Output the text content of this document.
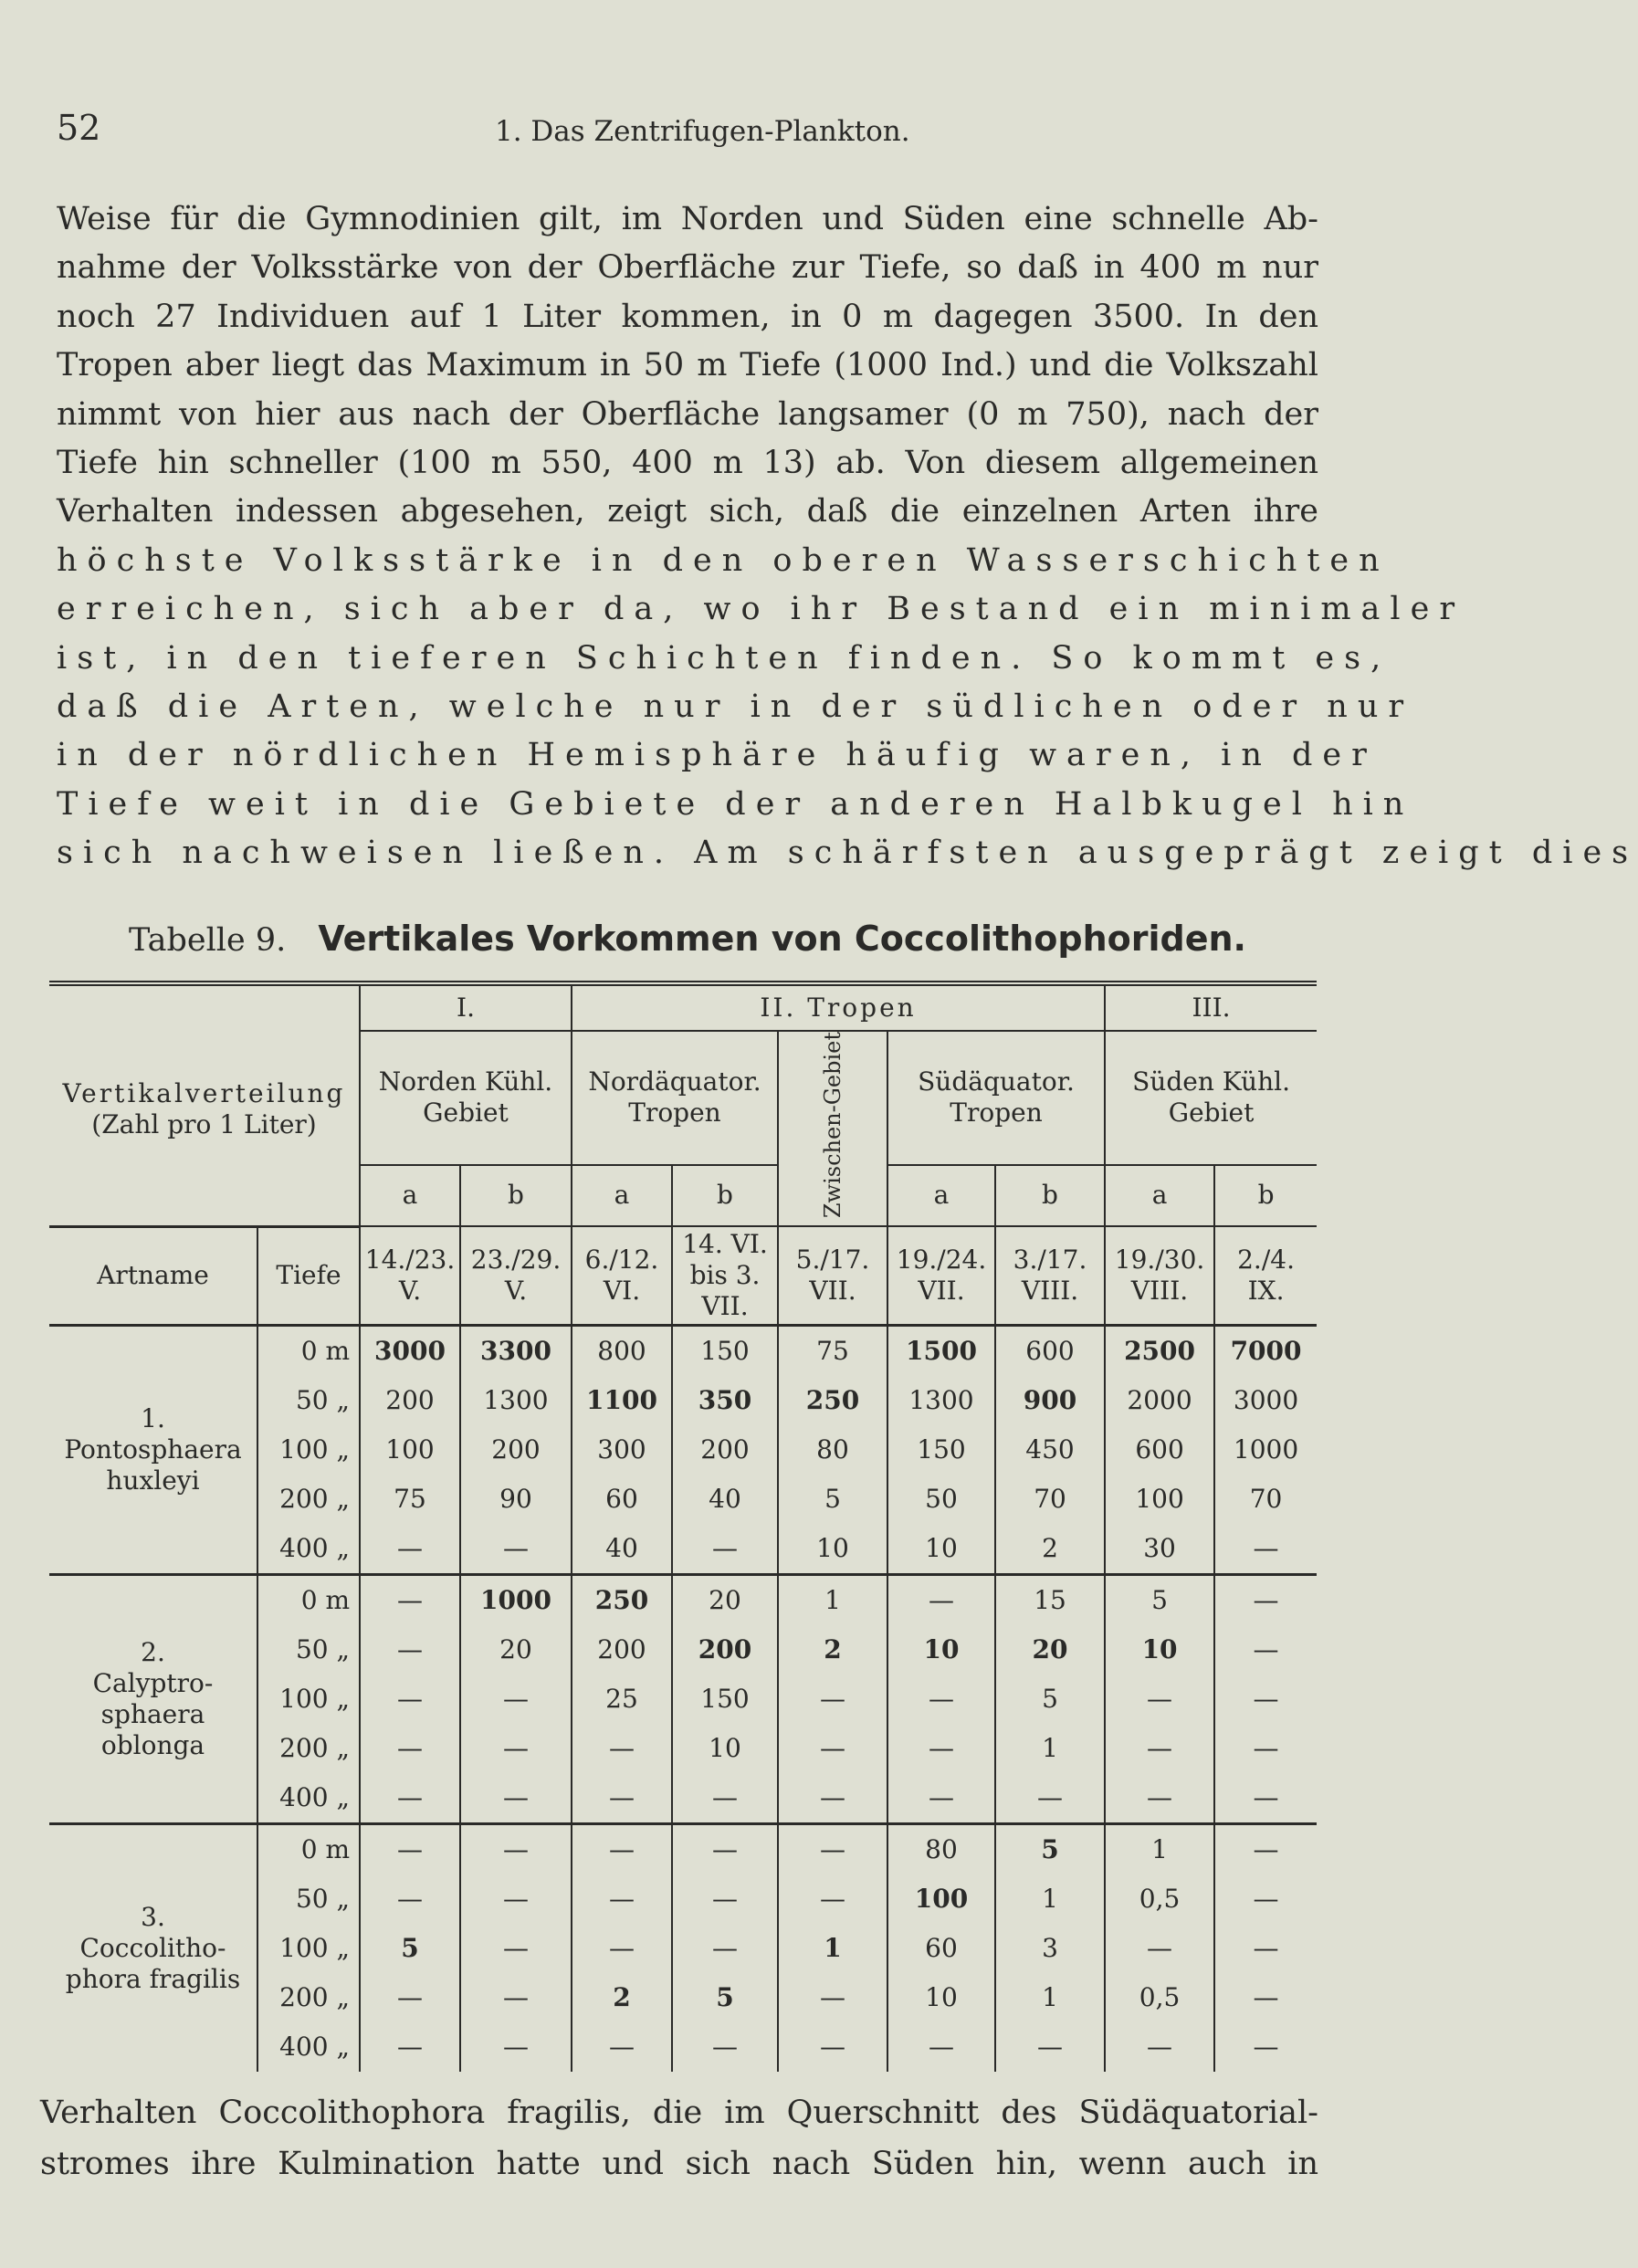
52	1. Das Zentrifugen-Plankton.
Weise für die Gymnodinien gilt, im Norden und Süden eine schnelle Ab-
nahme der Volksstärke von der Oberfläche zur Tiefe, so daß in 400 m nur
noch 27 Individuen auf 1 Liter kommen, in 0 m dagegen 3500. In den
Tropen aber liegt das Maximum in 50 m Tiefe (1000 Ind.) und die Volkszahl
nimmt von hier aus nach der Oberfläche langsamer (0 m 750), nach der
Tiefe hin schneller (100 m 550, 400 m 13) ab. Von diesem allgemeinen
Verhalten indessen abgesehen, zeigt sich, daß die einzelnen Arten ihre
höchste Volksstärke in den oberen Wasserschichten
erreichen, sich aber da, wo ihr Bestand ein minimaler
ist, in den tieferen Schichten finden. So kommt es,
daß die Arten, welche nur in der südlichen oder nur
in der nördlichen Hemisphäre häufig waren, in der
Tiefe weit in die Gebiete der anderen Halbkugel hin
sich nachweisen ließen. Am schärfsten ausgeprägt zeigt dies
Tabelle 9. Vertikales Vorkommen von Coccolithophoriden.
Vertikalverteilung
(Zahl pro 1 Liter)		I.		II. Tropen					III.	
		Norden Kühl. Gebiet		Nordäquator. Tropen		Zwischen-Gebiet	Südäquator. Tropen		Süden Kühl. Gebiet	
		a	b	a	b		a	b	a	b
Artname	Tiefe	14./23. V.	23./29. V.	6./12. VI.	14. VI. bis 3. VII.	5./17. VII.	19./24. VII.	3./17. VIII.	19./30. VIII.	2./4. IX.

1.
Pontosphaera
huxleyi	0 m	3000	3300	800	150	75	1500	600	2500	7000
	50 „	200	1300	1100	350	250	1300	900	2000	3000
	100 „	100	200	300	200	80	150	450	600	1000
	200 „	75	90	60	40	5	50	70	100	70
	400 „	—	—	40	—	10	10	2	30	—

2.
Calyptro-
sphaera oblonga	0 m	—	1000	250	20	1	—	15	5	—
	50 „	—	20	200	200	2	10	20	10	—
	100 „	—	—	25	150	—	—	5	—	—
	200 „	—	—	—	10	—	—	1	—	—
	400 „	—	—	—	—	—	—	—	—	—

3.
Coccolitho-
phora fragilis	0 m	—	—	—	—	—	80	5	1	—
	50 „	—	—	—	—	—	100	1	0,5	—
	100 „	5	—	—	—	1	60	3	—	—
	200 „	—	—	2	5	—	10	1	0,5	—
	400 „	—	—	—	—	—	—	—	—	—
Verhalten Coccolithophora fragilis, die im Querschnitt des Südäquatorial-
stromes ihre Kulmination hatte und sich nach Süden hin, wenn auch in
